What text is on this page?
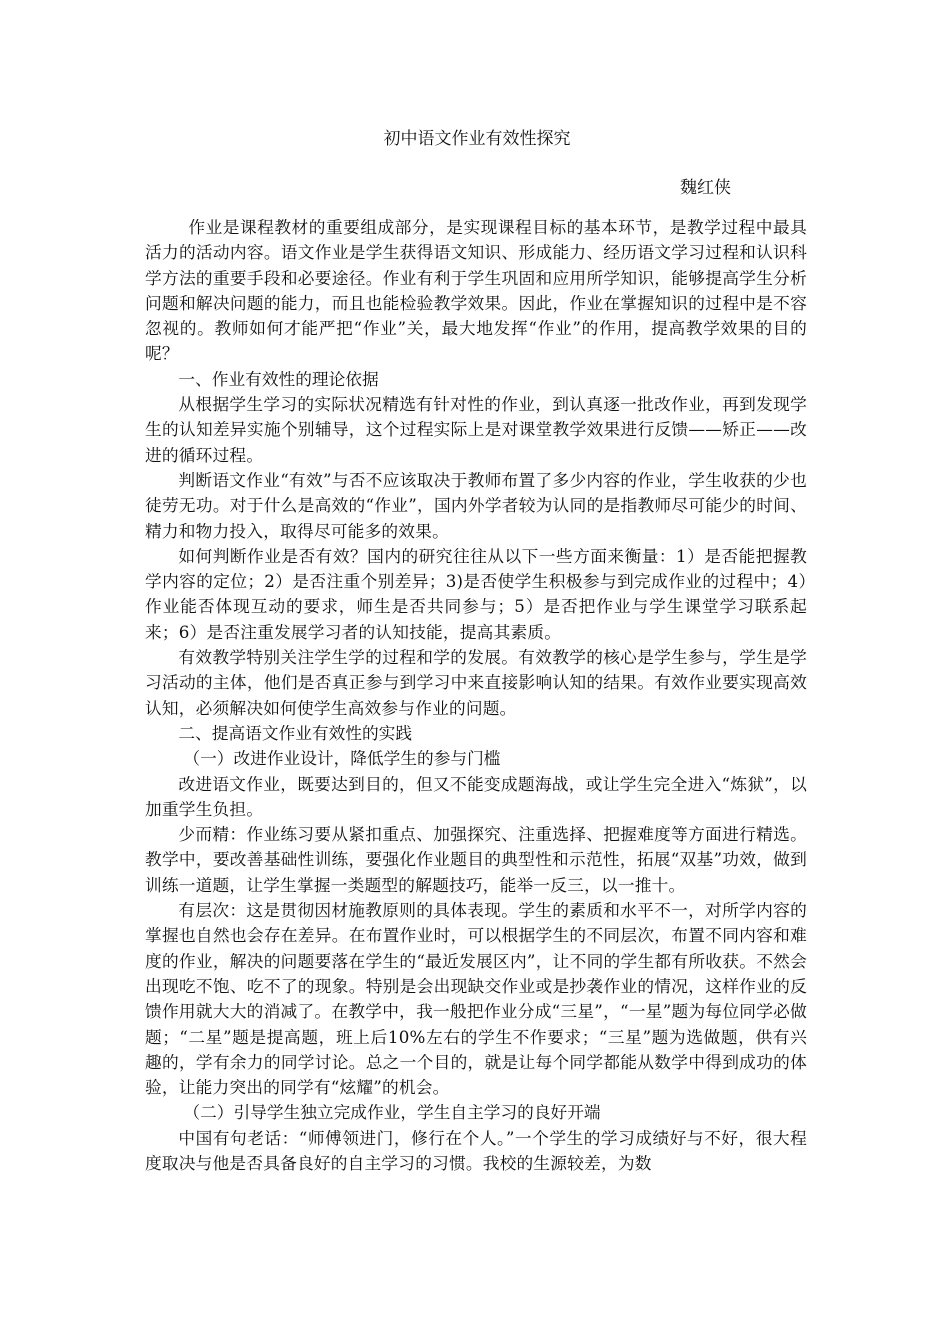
初中语文作业有效性探究
魏红侠

作业是课程教材的重要组成部分，是实现课程目标的基本环节，是教学过程中最具活力的活动内容。语文作业是学生获得语文知识、形成能力、经历语文学习过程和认识科学方法的重要手段和必要途径。作业有利于学生巩固和应用所学知识，能够提高学生分析问题和解决问题的能力，而且也能检验教学效果。因此，作业在掌握知识的过程中是不容忽视的。教师如何才能严把“作业”关，最大地发挥“作业”的作用，提高教学效果的目的呢？

一、作业有效性的理论依据

从根据学生学习的实际状况精选有针对性的作业，到认真逐一批改作业，再到发现学生的认知差异实施个别辅导，这个过程实际上是对课堂教学效果进行反馈——矫正——改进的循环过程。

判断语文作业“有效”与否不应该取决于教师布置了多少内容的作业，学生收获的少也徒劳无功。对于什么是高效的“作业”，国内外学者较为认同的是指教师尽可能少的时间、精力和物力投入，取得尽可能多的效果。

如何判断作业是否有效？国内的研究往往从以下一些方面来衡量：1）是否能把握教学内容的定位；2）是否注重个别差异；3)是否使学生积极参与到完成作业的过程中；4）作业能否体现互动的要求，师生是否共同参与；5）是否把作业与学生课堂学习联系起来；6）是否注重发展学习者的认知技能，提高其素质。

有效教学特别关注学生学的过程和学的发展。有效教学的核心是学生参与，学生是学习活动的主体，他们是否真正参与到学习中来直接影响认知的结果。有效作业要实现高效认知，必须解决如何使学生高效参与作业的问题。

二、提高语文作业有效性的实践

（一）改进作业设计，降低学生的参与门槛

改进语文作业，既要达到目的，但又不能变成题海战，或让学生完全进入“炼狱”，以加重学生负担。

少而精：作业练习要从紧扣重点、加强探究、注重选择、把握难度等方面进行精选。教学中，要改善基础性训练，要强化作业题目的典型性和示范性，拓展“双基”功效，做到训练一道题，让学生掌握一类题型的解题技巧，能举一反三，以一推十。

有层次：这是贯彻因材施教原则的具体表现。学生的素质和水平不一，对所学内容的掌握也自然也会存在差异。在布置作业时，可以根据学生的不同层次，布置不同内容和难度的作业，解决的问题要落在学生的“最近发展区内”，让不同的学生都有所收获。不然会出现吃不饱、吃不了的现象。特别是会出现缺交作业或是抄袭作业的情况，这样作业的反馈作用就大大的消减了。在教学中，我一般把作业分成“三星”，“一星”题为每位同学必做题；“二星”题是提高题，班上后10%左右的学生不作要求；“三星”题为选做题，供有兴趣的，学有余力的同学讨论。总之一个目的，就是让每个同学都能从数学中得到成功的体验，让能力突出的同学有“炫耀”的机会。

（二）引导学生独立完成作业，学生自主学习的良好开端

中国有句老话：“师傅领进门，修行在个人。”一个学生的学习成绩好与不好，很大程度取决与他是否具备良好的自主学习的习惯。我校的生源较差，为数
